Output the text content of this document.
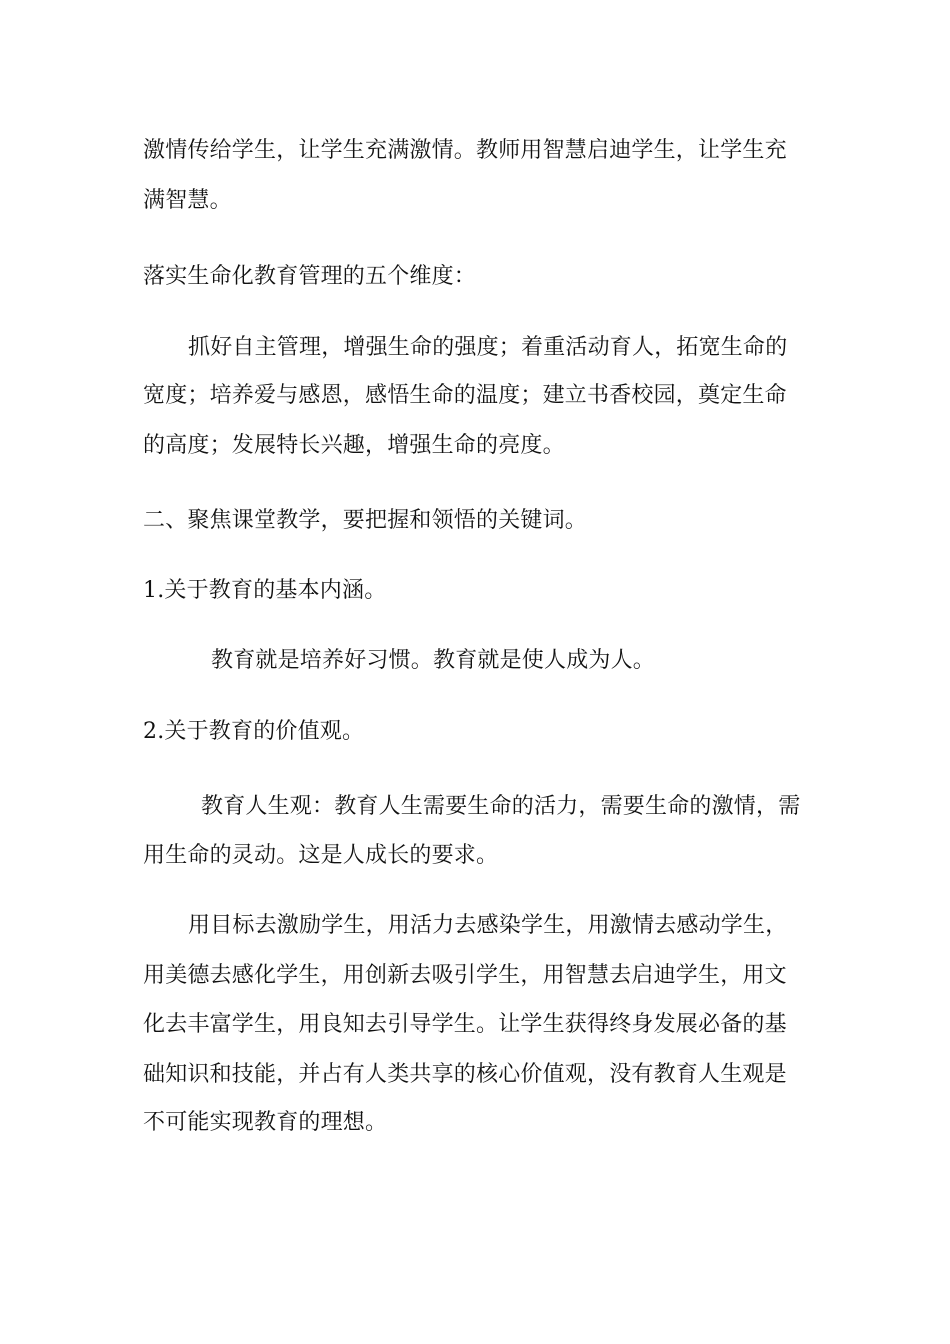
激情传给学生，让学生充满激情。教师用智慧启迪学生，让学生充
满智慧。
落实生命化教育管理的五个维度：
抓好自主管理，增强生命的强度；着重活动育人，拓宽生命的
宽度；培养爱与感恩，感悟生命的温度；建立书香校园，奠定生命
的高度；发展特长兴趣，增强生命的亮度。
二、聚焦课堂教学，要把握和领悟的关键词。
1.关于教育的基本内涵。
教育就是培养好习惯。教育就是使人成为人。
2.关于教育的价值观。
教育人生观：教育人生需要生命的活力，需要生命的激情，需
用生命的灵动。这是人成长的要求。
用目标去激励学生，用活力去感染学生，用激情去感动学生，
用美德去感化学生，用创新去吸引学生，用智慧去启迪学生，用文
化去丰富学生，用良知去引导学生。让学生获得终身发展必备的基
础知识和技能，并占有人类共享的核心价值观，没有教育人生观是
不可能实现教育的理想。
